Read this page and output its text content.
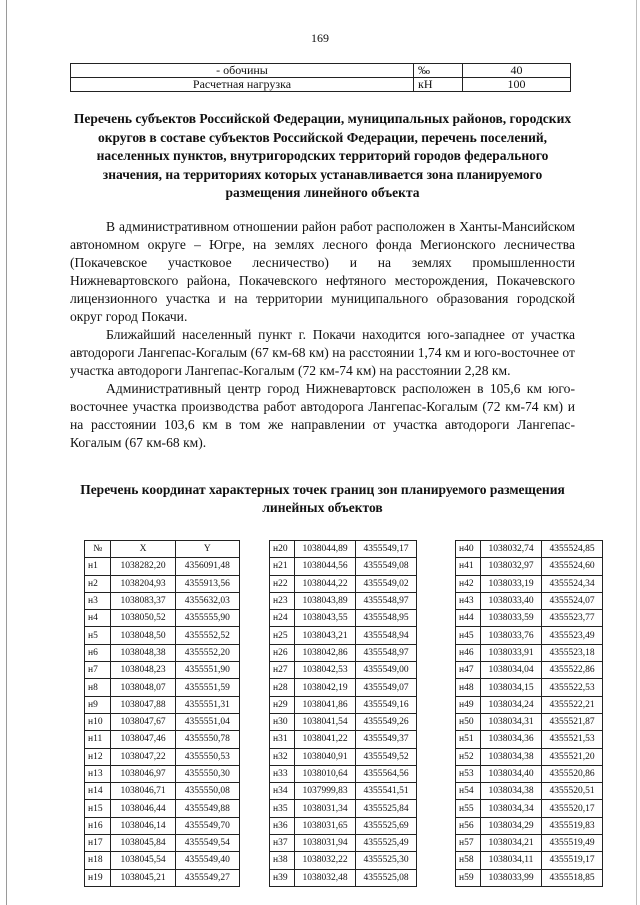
169
- обочины	‰	40
Расчетная нагрузка	кН	100
Перечень субъектов Российской Федерации, муниципальных районов, городских округов в составе субъектов Российской Федерации, перечень поселений, населенных пунктов, внутригородских территорий городов федерального значения, на территориях которых устанавливается зона планируемого размещения линейного объекта

В административном отношении район работ расположен в Ханты-Мансийском автономном округе – Югре, на землях лесного фонда Мегионского лесничества (Покачевское участковое лесничество) и на землях промышленности Нижневартовского района, Покачевского нефтяного месторождения, Покачевского лицензионного участка и на территории муниципального образования городской округ город Покачи.

Ближайший населенный пункт г. Покачи находится юго-западнее от участка автодороги Лангепас-Когалым (67 км-68 км) на расстоянии 1,74 км и юго-восточнее от участка автодороги Лангепас-Когалым (72 км-74 км) на расстоянии 2,28 км.

Административный центр город Нижневартовск расположен в 105,6 км юго-восточнее участка производства работ автодорога Лангепас-Когалым (72 км-74 км) и на расстоянии 103,6 км в том же направлении от участка автодороги Лангепас-Когалым (67 км-68 км).

Перечень координат характерных точек границ зон планируемого размещения линейных объектов
№	X	Y
н1	1038282,20	4356091,48
н2	1038204,93	4355913,56
н3	1038083,37	4355632,03
н4	1038050,52	4355555,90
н5	1038048,50	4355552,52
н6	1038048,38	4355552,20
н7	1038048,23	4355551,90
н8	1038048,07	4355551,59
н9	1038047,88	4355551,31
н10	1038047,67	4355551,04
н11	1038047,46	4355550,78
н12	1038047,22	4355550,53
н13	1038046,97	4355550,30
н14	1038046,71	4355550,08
н15	1038046,44	4355549,88
н16	1038046,14	4355549,70
н17	1038045,84	4355549,54
н18	1038045,54	4355549,40
н19	1038045,21	4355549,27
н20	1038044,89	4355549,17
н21	1038044,56	4355549,08
н22	1038044,22	4355549,02
н23	1038043,89	4355548,97
н24	1038043,55	4355548,95
н25	1038043,21	4355548,94
н26	1038042,86	4355548,97
н27	1038042,53	4355549,00
н28	1038042,19	4355549,07
н29	1038041,86	4355549,16
н30	1038041,54	4355549,26
н31	1038041,22	4355549,37
н32	1038040,91	4355549,52
н33	1038010,64	4355564,56
н34	1037999,83	4355541,51
н35	1038031,34	4355525,84
н36	1038031,65	4355525,69
н37	1038031,94	4355525,49
н38	1038032,22	4355525,30
н39	1038032,48	4355525,08
н40	1038032,74	4355524,85
н41	1038032,97	4355524,60
н42	1038033,19	4355524,34
н43	1038033,40	4355524,07
н44	1038033,59	4355523,77
н45	1038033,76	4355523,49
н46	1038033,91	4355523,18
н47	1038034,04	4355522,86
н48	1038034,15	4355522,53
н49	1038034,24	4355522,21
н50	1038034,31	4355521,87
н51	1038034,36	4355521,53
н52	1038034,38	4355521,20
н53	1038034,40	4355520,86
н54	1038034,38	4355520,51
н55	1038034,34	4355520,17
н56	1038034,29	4355519,83
н57	1038034,21	4355519,49
н58	1038034,11	4355519,17
н59	1038033,99	4355518,85
